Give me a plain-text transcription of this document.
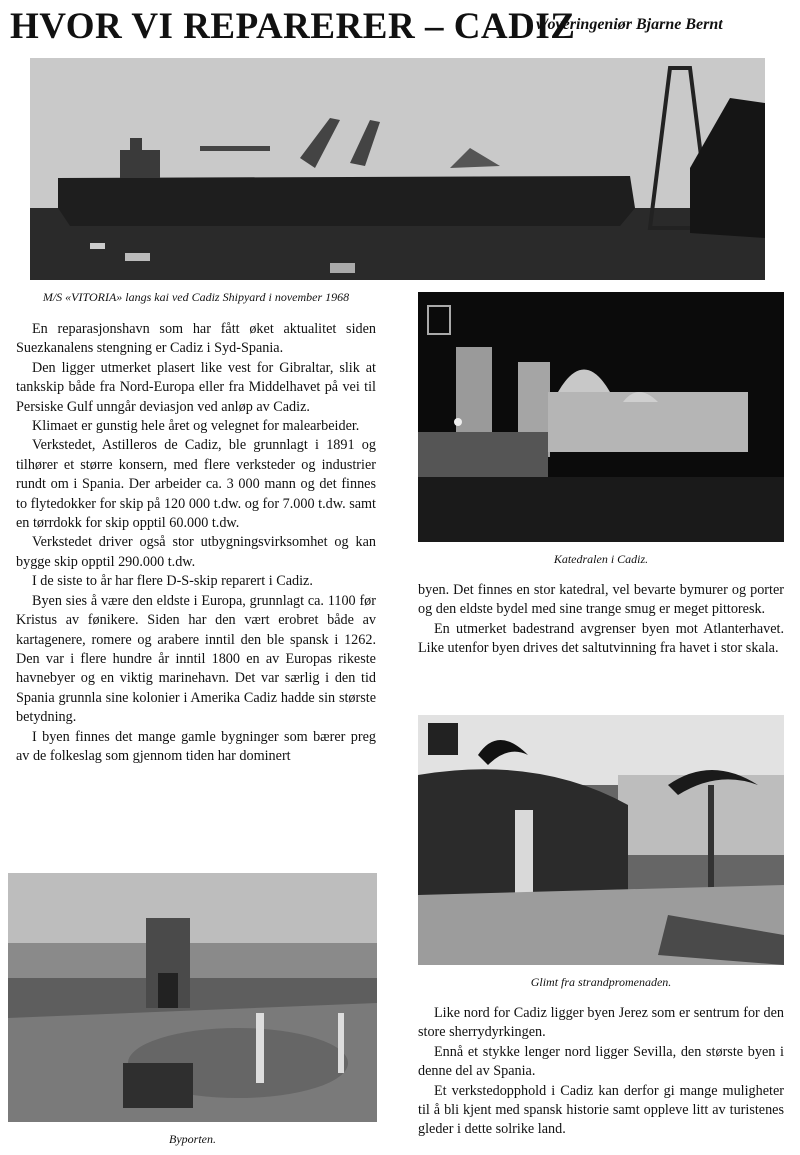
HVOR VI REPARERER – CADIZ
v/overingeniør Bjarne Bernt
M/S «VITORIA» langs kai ved Cadiz Shipyard i november 1968

En reparasjonshavn som har fått øket aktualitet siden Suezkanalens stengning er Cadiz i Syd-Spania.

Den ligger utmerket plasert like vest for Gibraltar, slik at tankskip både fra Nord-Europa eller fra Middelhavet på vei til Persiske Gulf unngår deviasjon ved anløp av Cadiz.

Klimaet er gunstig hele året og velegnet for malearbeider.

Verkstedet, Astilleros de Cadiz, ble grunnlagt i 1891 og tilhører et større konsern, med flere verksteder og industrier rundt om i Spania. Der arbeider ca. 3 000 mann og det finnes to flytedokker for skip på 120 000 t.dw. og for 7.000 t.dw. samt en tørrdokk for skip opptil 60.000 t.dw.

Verkstedet driver også stor utbygningsvirksomhet og kan bygge skip opptil 290.000 t.dw.

I de siste to år har flere D-S-skip reparert i Cadiz.

Byen sies å være den eldste i Europa, grunnlagt ca. 1100 før Kristus av fønikere. Siden har den vært erobret både av kartagenere, romere og arabere inntil den ble spansk i 1262. Den var i flere hundre år inntil 1800 en av Europas rikeste havnebyer og en viktig marinehavn. Det var særlig i den tid Spania grunnla sine kolonier i Amerika Cadiz hadde sin største betydning.

I byen finnes det mange gamle bygninger som bærer preg av de folkeslag som gjennom tiden har dominert

Byporten.
Katedralen i Cadiz.

byen. Det finnes en stor katedral, vel bevarte bymurer og porter og den eldste bydel med sine trange smug er meget pittoresk.

En utmerket badestrand avgrenser byen mot Atlanterhavet. Like utenfor byen drives det saltutvinning fra havet i stor skala.

Glimt fra strandpromenaden.

Like nord for Cadiz ligger byen Jerez som er sentrum for den store sherrydyrkingen.

Ennå et stykke lenger nord ligger Sevilla, den største byen i denne del av Spania.

Et verkstedopphold i Cadiz kan derfor gi mange muligheter til å bli kjent med spansk historie samt oppleve litt av turistenes gleder i dette solrike land.
